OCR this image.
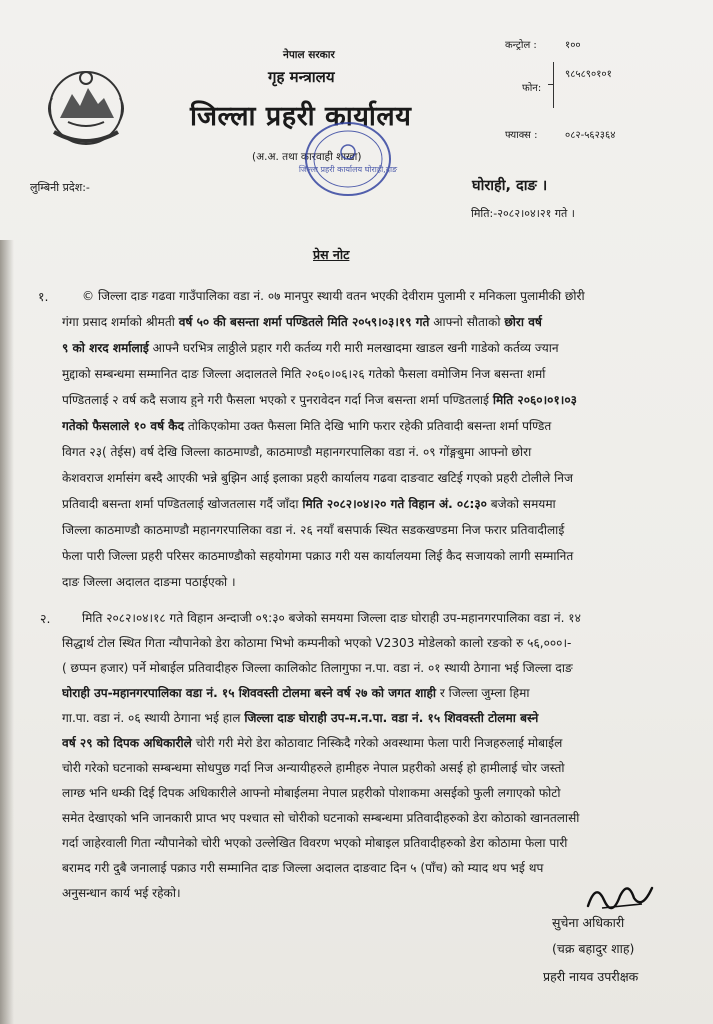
नेपाल सरकार
गृह मन्त्रालय
जिल्ला प्रहरी कार्यालय
(अ.अ. तथा कारवाही शाखा)
कन्ट्रोल :	१००
फोन:
९८५८९०१०१
फ्याक्स :	०८२-५६२३६४
जिल्ला प्रहरी कार्यालय घोराही,दाङ
लुम्बिनी प्रदेश:-	घोराही, दाङ ।
मिति:-२०८२।०४।२१ गते ।
प्रेस नोट
१.	© जिल्ला दाङ गढवा गाउँपालिका वडा नं. ०७ मानपुर स्थायी वतन भएकी देवीराम पुलामी र मनिकला पुलामीकी छोरी
गंगा प्रसाद शर्माको श्रीमती वर्ष ५० की बसन्ता शर्मा पण्डितले मिति २०५९।०३।१९ गते आफ्नो सौताको छोरा वर्ष
९ को शरद शर्मालाई आफ्नै घरभित्र लाठ्ठीले प्रहार गरी कर्तव्य गरी मारी मलखादमा खाडल खनी गाडेको कर्तव्य ज्यान
मुद्दाको सम्बन्धमा सम्मानित दाङ जिल्ला अदालतले मिति २०६०।०६।२६ गतेको फैसला वमोजिम निज बसन्ता शर्मा
पण्डितलाई २ वर्ष कदै सजाय हुने गरी फैसला भएको र पुनरावेदन गर्दा निज बसन्ता शर्मा पण्डितलाई मिति २०६०।०१।०३
गतेको फैसलाले १० वर्ष कैद तोकिएकोमा उक्त फैसला मिति देखि भागि फरार रहेकी प्रतिवादी बसन्ता शर्मा पण्डित
विगत २३( तेईस) वर्ष देखि जिल्ला काठमाण्डौ, काठमाण्डौ महानगरपालिका वडा नं. ०९ गोंङ्गबुमा आफ्नो छोरा
केशवराज शर्मासंग बस्दै आएकी भन्ने बुझिन आई इलाका प्रहरी कार्यालय गढवा दाङवाट खटिई गएको प्रहरी टोलीले निज
प्रतिवादी बसन्ता शर्मा पण्डितलाई खोजतलास गर्दै जाँदा मिति २०८२।०४।२० गते विहान अं. ०८:३० बजेको समयमा
जिल्ला काठमाण्डौ काठमाण्डौ महानगरपालिका वडा नं. २६ नयाँ बसपार्क स्थित सडकखण्डमा निज फरार प्रतिवादीलाई
फेला पारी जिल्ला प्रहरी परिसर काठमाण्डौको सहयोगमा पक्राउ गरी यस कार्यालयमा लिई कैद सजायको लागी सम्मानित
दाङ जिल्ला अदालत दाङमा पठाईएको ।
२.	मिति २०८२।०४।१८ गते विहान अन्दाजी ०९:३० बजेको समयमा जिल्ला दाङ घोराही उप-महानगरपालिका वडा नं. १४
सिद्धार्थ टोल स्थित गिता न्यौपानेको डेरा कोठामा भिभो कम्पनीको भएको V2303 मोडेलको कालो रङको रु ५६,०००।-
( छप्पन हजार) पर्ने मोबाईल प्रतिवादीहरु जिल्ला कालिकोट तिलागुफा न.पा. वडा नं. ०१ स्थायी ठेगाना भई जिल्ला दाङ
घोराही उप-महानगरपालिका वडा नं. १५ शिववस्ती टोलमा बस्ने वर्ष २७ को जगत शाही र जिल्ला जुम्ला हिमा
गा.पा. वडा नं. ०६ स्थायी ठेगाना भई हाल जिल्ला दाङ घोराही उप-म.न.पा. वडा नं. १५ शिववस्ती टोलमा बस्ने
वर्ष २९ को दिपक अधिकारीले चोरी गरी मेरो डेरा कोठावाट निस्किदै गरेको अवस्थामा फेला पारी निजहरुलाई मोबाईल
चोरी गरेको घटनाको सम्बन्धमा सोधपुछ गर्दा निज अन्यायीहरुले हामीहरु नेपाल प्रहरीको असई हो हामीलाई चोर जस्तो
लाग्छ भनि धम्की दिई दिपक अधिकारीले आफ्नो मोबाईलमा नेपाल प्रहरीको पोशाकमा असईको फुली लगाएको फोटो
समेत देखाएको भनि जानकारी प्राप्त भए पश्चात सो चोरीको घटनाको सम्बन्धमा प्रतिवादीहरुको डेरा कोठाको खानतलासी
गर्दा जाहेरवाली गिता न्यौपानेको चोरी भएको उल्लेखित विवरण भएको मोबाइल प्रतिवादीहरुको डेरा कोठामा फेला पारी
बरामद गरी दुबै जनालाई पक्राउ गरी सम्मानित दाङ जिल्ला अदालत दाङवाट दिन ५ (पाँच) को म्याद थप भई थप
अनुसन्धान कार्य भई रहेको।
सुचेना अधिकारी
(चक्र बहादुर शाह)
प्रहरी नायव उपरीक्षक
